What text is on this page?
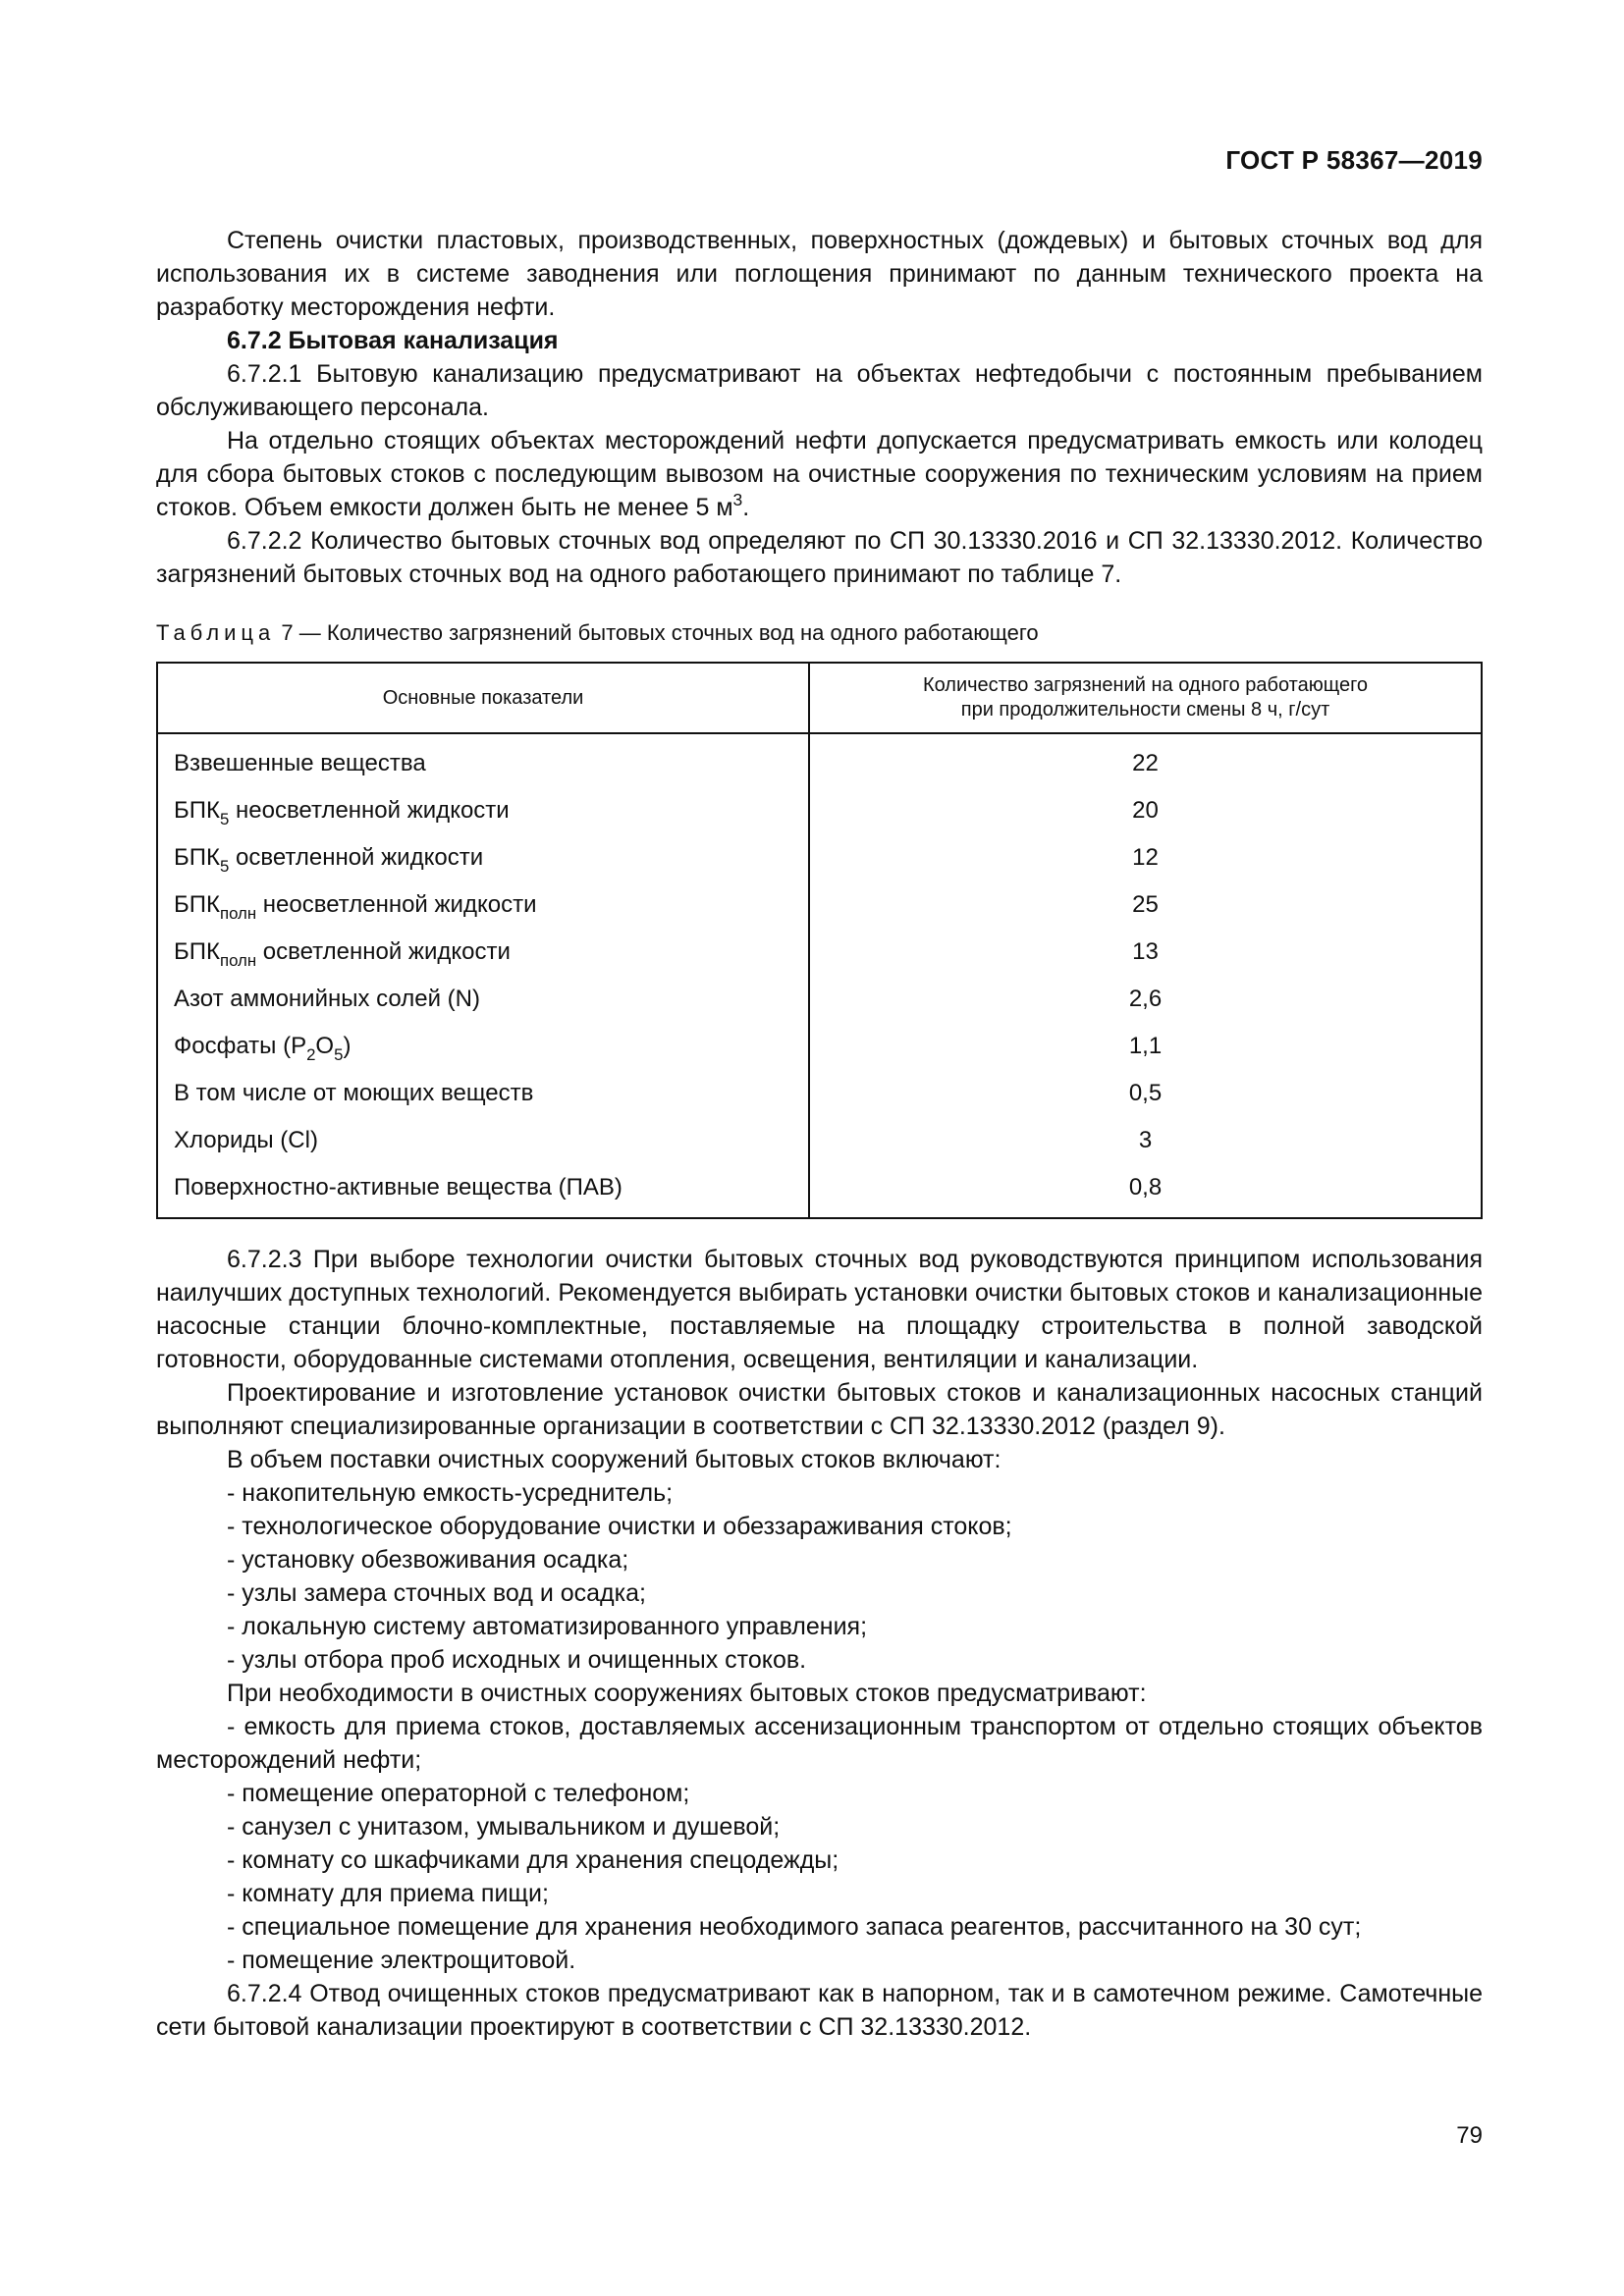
ГОСТ Р 58367—2019

Степень очистки пластовых, производственных, поверхностных (дождевых) и бытовых сточных вод для использования их в системе заводнения или поглощения принимают по данным технического проекта на разработку месторождения нефти.

6.7.2 Бытовая канализация

6.7.2.1 Бытовую канализацию предусматривают на объектах нефтедобычи с постоянным пребыванием обслуживающего персонала.

На отдельно стоящих объектах месторождений нефти допускается предусматривать емкость или колодец для сбора бытовых стоков с последующим вывозом на очистные сооружения по техническим условиям на прием стоков. Объем емкости должен быть не менее 5 $м^3$.

6.7.2.2 Количество бытовых сточных вод определяют по СП 30.13330.2016 и СП 32.13330.2012. Количество загрязнений бытовых сточных вод на одного работающего принимают по таблице 7.

Таблица 7 — Количество загрязнений бытовых сточных вод на одного работающего

Основные показатели	Количество загрязнений на одного работающего
при продолжительности смены 8 ч, г/сут
Взвешенные вещества	22
$БПК_5$ неосветленной жидкости	20
$БПК_5$ осветленной жидкости	12
$БПК_{полн}$ неосветленной жидкости	25
$БПК_{полн}$ осветленной жидкости	13
Азот аммонийных солей (N)	2,6
Фосфаты $(P_2O_5)$	1,1
В том числе от моющих веществ	0,5
Хлориды (Cl)	3
Поверхностно-активные вещества (ПАВ)	0,8

6.7.2.3 При выборе технологии очистки бытовых сточных вод руководствуются принципом использования наилучших доступных технологий. Рекомендуется выбирать установки очистки бытовых стоков и канализационные насосные станции блочно-комплектные, поставляемые на площадку строительства в полной заводской готовности, оборудованные системами отопления, освещения, вентиляции и канализации.

Проектирование и изготовление установок очистки бытовых стоков и канализационных насосных станций выполняют специализированные организации в соответствии с СП 32.13330.2012 (раздел 9).

В объем поставки очистных сооружений бытовых стоков включают:

- накопительную емкость-усреднитель;
- технологическое оборудование очистки и обеззараживания стоков;
- установку обезвоживания осадка;
- узлы замера сточных вод и осадка;
- локальную систему автоматизированного управления;
- узлы отбора проб исходных и очищенных стоков.

При необходимости в очистных сооружениях бытовых стоков предусматривают:

- емкость для приема стоков, доставляемых ассенизационным транспортом от отдельно стоящих объектов месторождений нефти;
- помещение операторной с телефоном;
- санузел с унитазом, умывальником и душевой;
- комнату со шкафчиками для хранения спецодежды;
- комнату для приема пищи;
- специальное помещение для хранения необходимого запаса реагентов, рассчитанного на 30 сут;
- помещение электрощитовой.

6.7.2.4 Отвод очищенных стоков предусматривают как в напорном, так и в самотечном режиме. Самотечные сети бытовой канализации проектируют в соответствии с СП 32.13330.2012.

79
